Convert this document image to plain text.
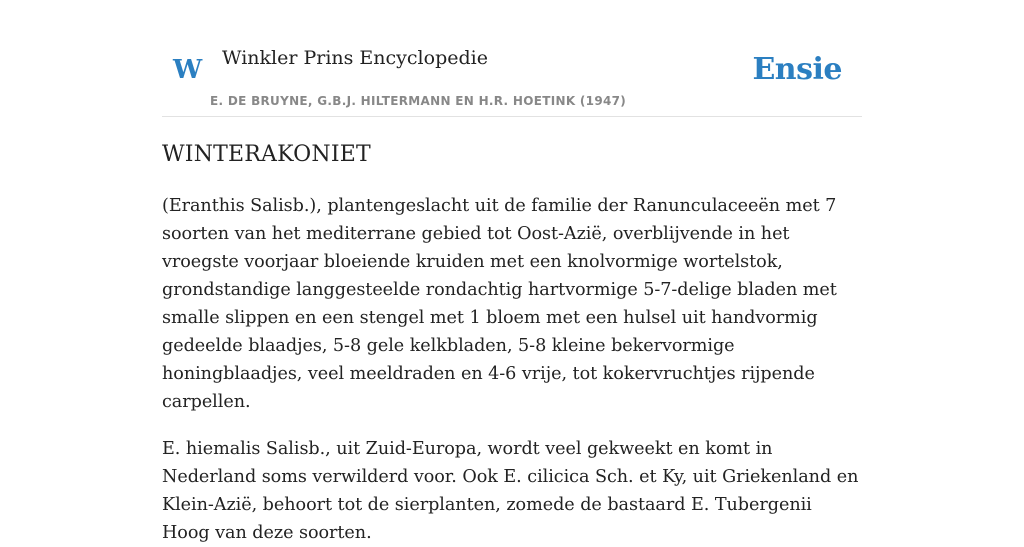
W Winkler Prins Encyclopedie
E. DE BRUYNE, G.B.J. HILTERMANN EN H.R. HOETINK (1947)
Ensie
WINTERAKONIET

(Eranthis Salisb.), plantengeslacht uit de familie der Ranunculaceeën met 7 soorten van het mediterrane gebied tot Oost-Azië, overblijvende in het vroegste voorjaar bloeiende kruiden met een knolvormige wortelstok, grondstandige langgesteelde rondachtig hartvormige 5-7-delige bladen met smalle slippen en een stengel met 1 bloem met een hulsel uit handvormig gedeelde blaadjes, 5-8 gele kelkbladen, 5-8 kleine bekervormige honingblaadjes, veel meeldraden en 4-6 vrije, tot kokervruchtjes rijpende carpellen.

E. hiemalis Salisb., uit Zuid-Europa, wordt veel gekweekt en komt in Nederland soms verwilderd voor. Ook E. cilicica Sch. et Ky, uit Griekenland en Klein-Azië, behoort tot de sierplanten, zomede de bastaard E. Tubergenii Hoog van deze soorten.
